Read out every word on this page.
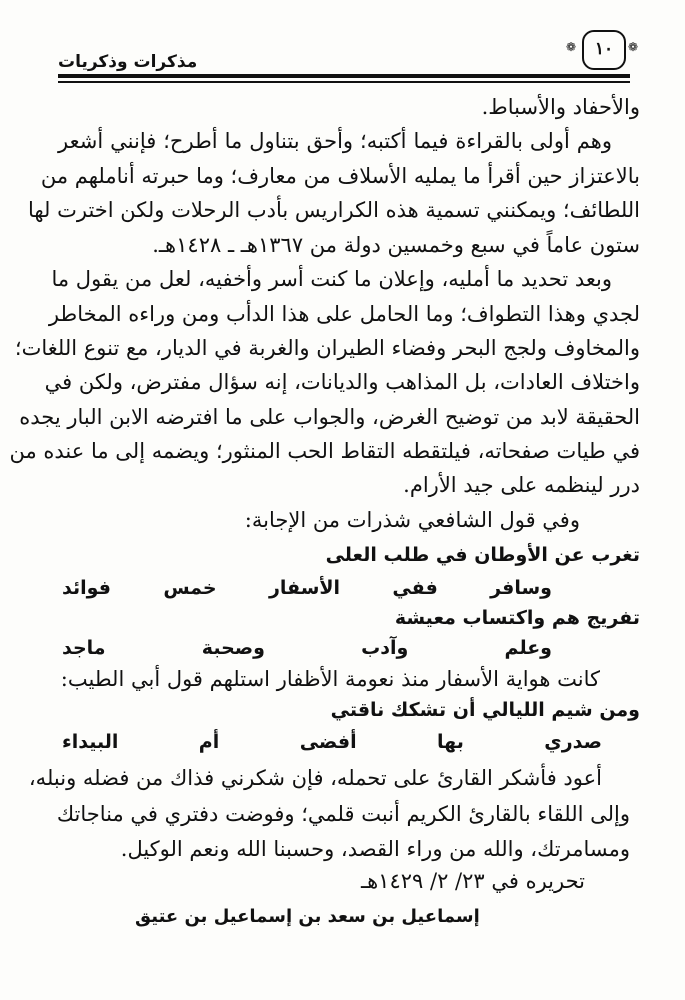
❁	١٠	❁
مذكرات وذكريات
والأحفاد والأسباط.
وهم أولى بالقراءة فيما أكتبه؛ وأحق بتناول ما أطرح؛ فإنني أشعر
بالاعتزاز حين أقرأ ما يمليه الأسلاف من معارف؛ وما حبرته أناملهم من
اللطائف؛ ويمكنني تسمية هذه الكراريس بأدب الرحلات ولكن اخترت لها
ستون عاماً في سبع وخمسين دولة من ١٣٦٧هـ ـ ١٤٢٨هـ.
وبعد تحديد ما أمليه، وإعلان ما كنت أسر وأخفيه، لعل من يقول ما
لجدي وهذا التطواف؛ وما الحامل على هذا الدأب ومن وراءه المخاطر
والمخاوف ولجج البحر وفضاء الطيران والغربة في الديار، مع تنوع اللغات؛
واختلاف العادات، بل المذاهب والديانات، إنه سؤال مفترض، ولكن في
الحقيقة لابد من توضيح الغرض، والجواب على ما افترضه الابن البار يجده
في طيات صفحاته، فيلتقطه التقاط الحب المنثور؛ ويضمه إلى ما عنده من
درر لينظمه على جيد الأرام.
وفي قول الشافعي شذرات من الإجابة:
تغرب عن الأوطان في طلب العلى
وسافر ففي الأسفار خمس فوائد
تفريج هم واكتساب معيشة
وعلم وآدب وصحبة ماجد
كانت هواية الأسفار منذ نعومة الأظفار استلهم قول أبي الطيب:
ومن شيم الليالي أن تشكك ناقتي
صدري بها أفضى أم البيداء
أعود فأشكر القارئ على تحمله، فإن شكرني فذاك من فضله ونبله،
وإلى اللقاء بالقارئ الكريم أنبت قلمي؛ وفوضت دفتري في مناجاتك
ومسامرتك، والله من وراء القصد، وحسبنا الله ونعم الوكيل.
تحريره في ٢٣/ ٢/ ١٤٢٩هـ
إسماعيل بن سعد بن إسماعيل بن عتيق
